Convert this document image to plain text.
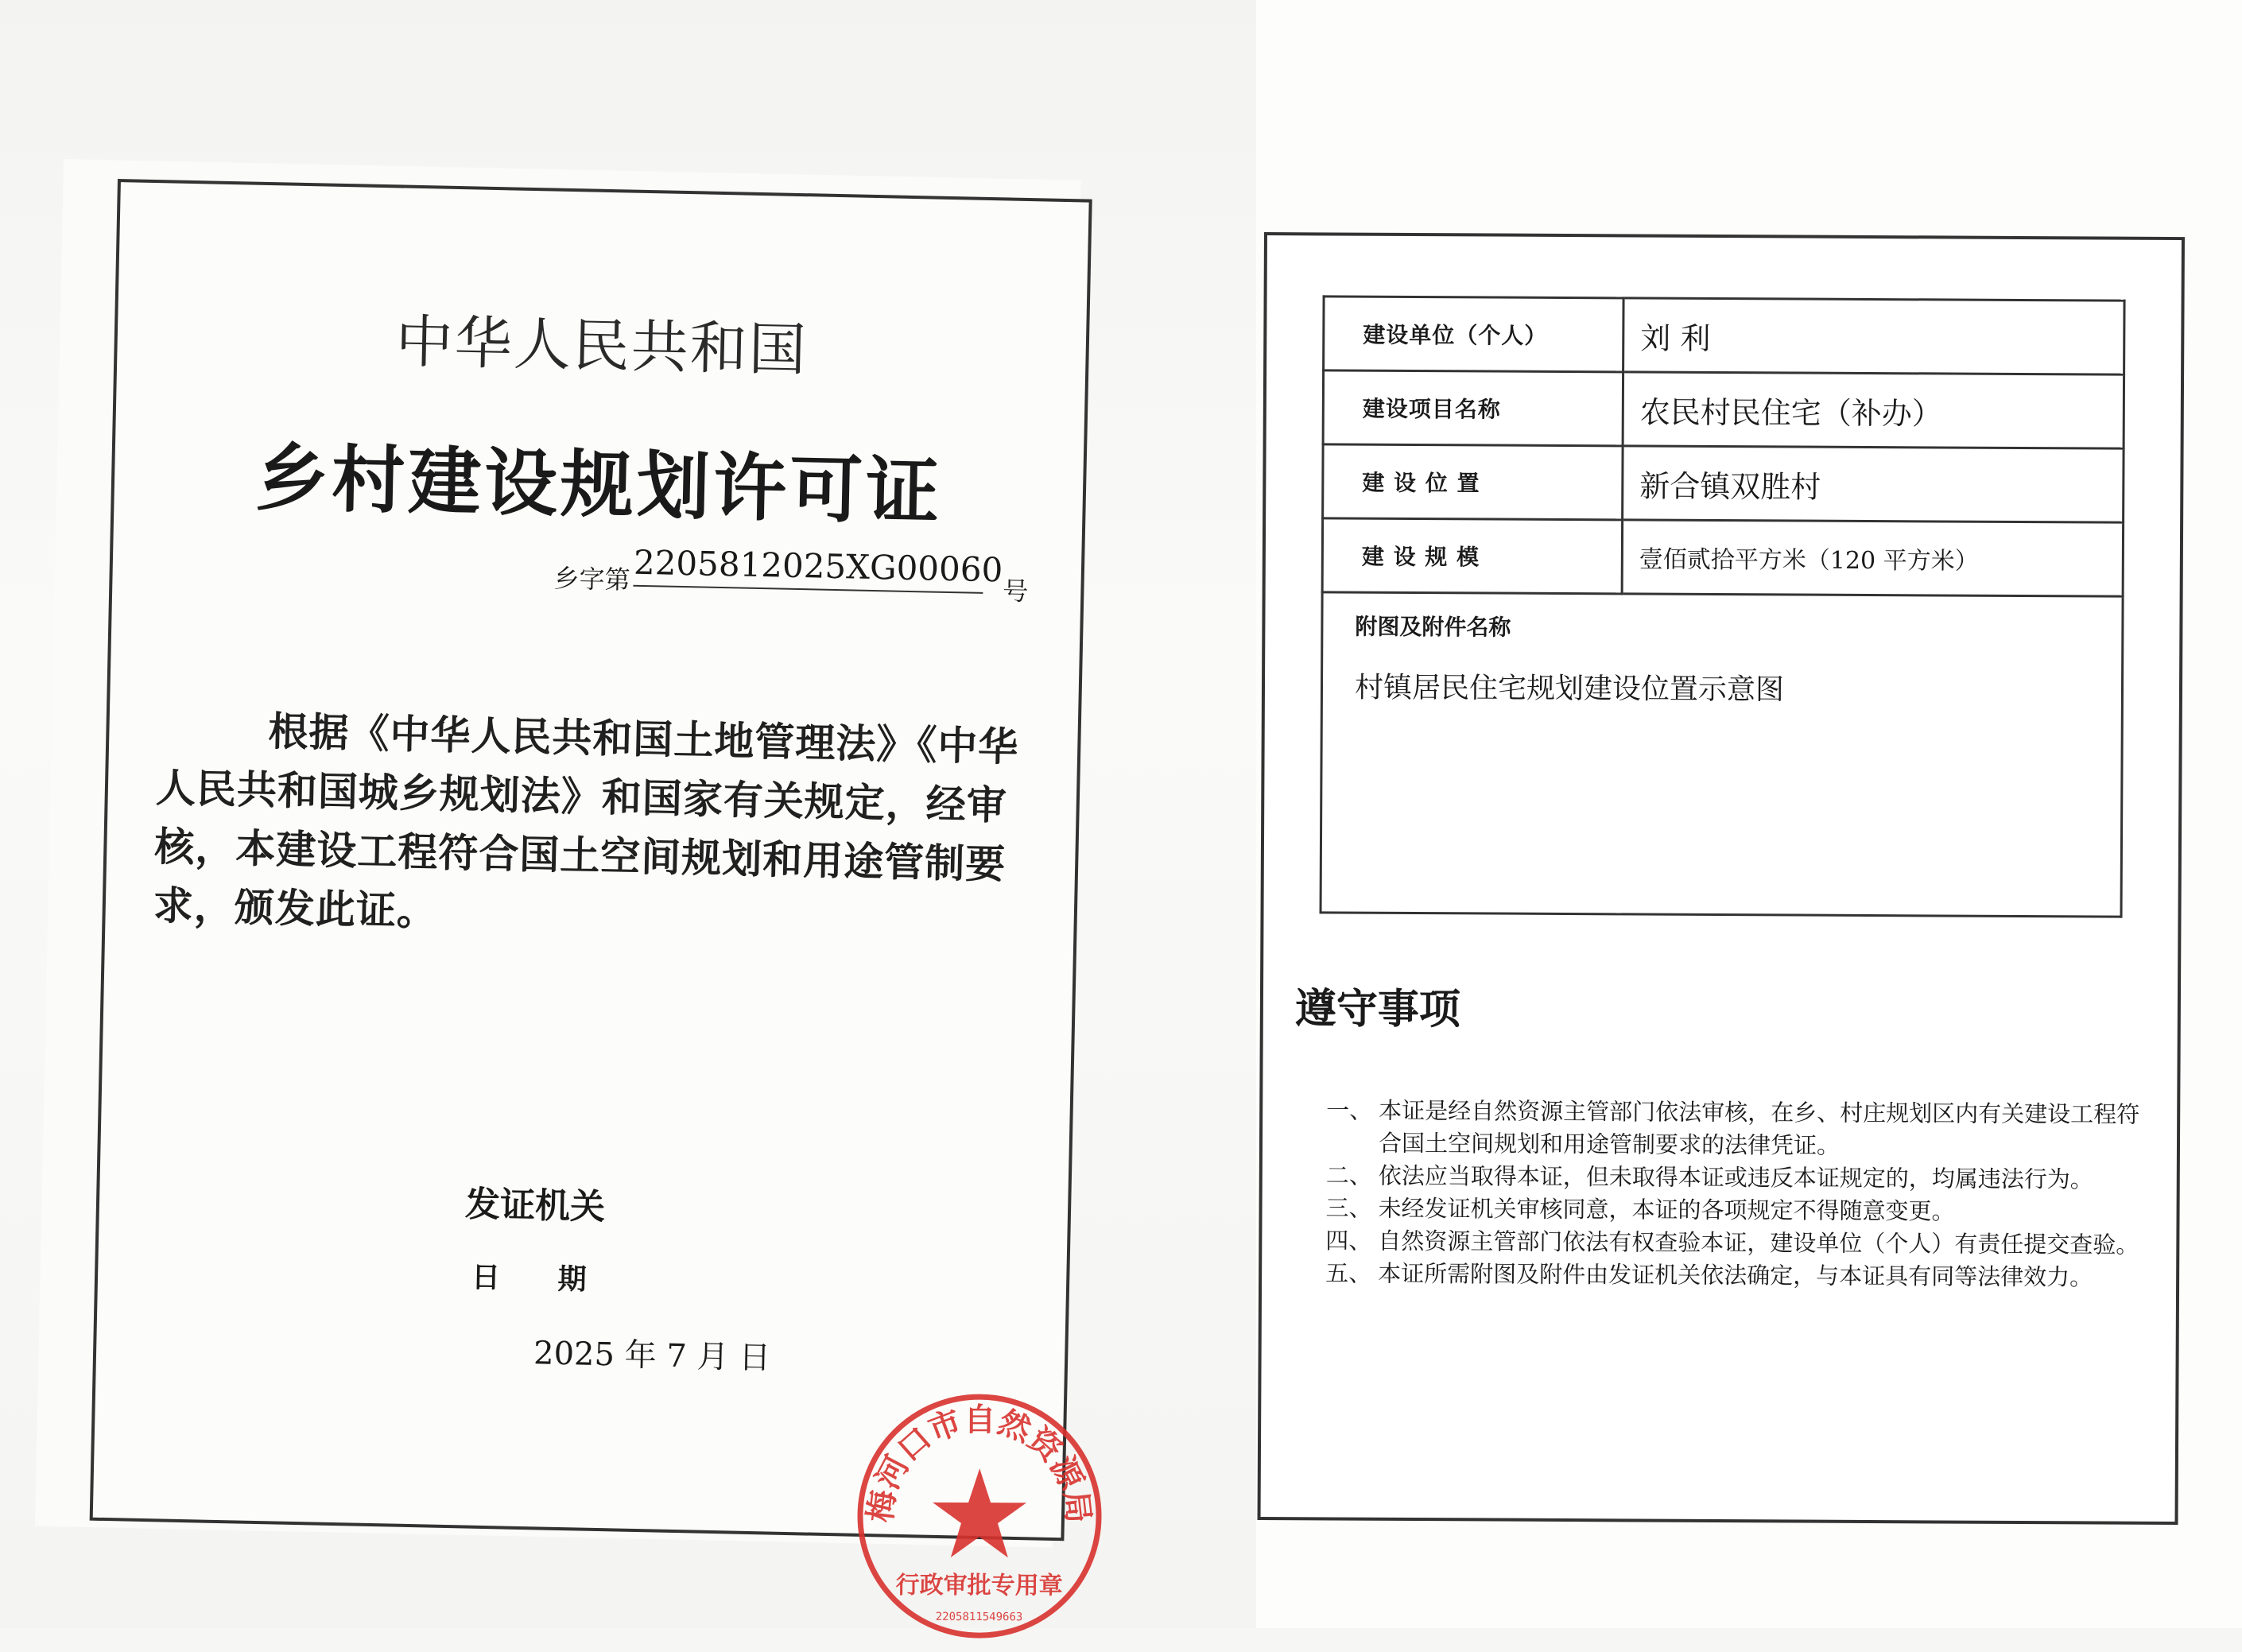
中华人民共和国
乡村建设规划许可证
乡字第 2205812025XG00060
号
根据《中华人民共和国土地管理法》《中华人民共和国城乡规划法》和国家有关规定，经审核，本建设工程符合国土空间规划和用途管制要求，颁发此证。
发证机关
日 期
2025 年 7 月 日
梅河口市自然资源局
行政审批专用章
2205811549663
建设单位（个人）	刘 利
建设项目名称	农民村民住宅（补办）
建 设 位 置	新合镇双胜村
建 设 规 模	壹佰贰拾平方米（120 平方米）

附图及附件名称
村镇居民住宅规划建设位置示意图	
遵守事项
一、 本证是经自然资源主管部门依法审核，在乡、村庄规划区内有关建设工程符合国土空间规划和用途管制要求的法律凭证。
二、 依法应当取得本证，但未取得本证或违反本证规定的，均属违法行为。
三、 未经发证机关审核同意，本证的各项规定不得随意变更。
四、 自然资源主管部门依法有权查验本证，建设单位（个人）有责任提交查验。
五、 本证所需附图及附件由发证机关依法确定，与本证具有同等法律效力。
